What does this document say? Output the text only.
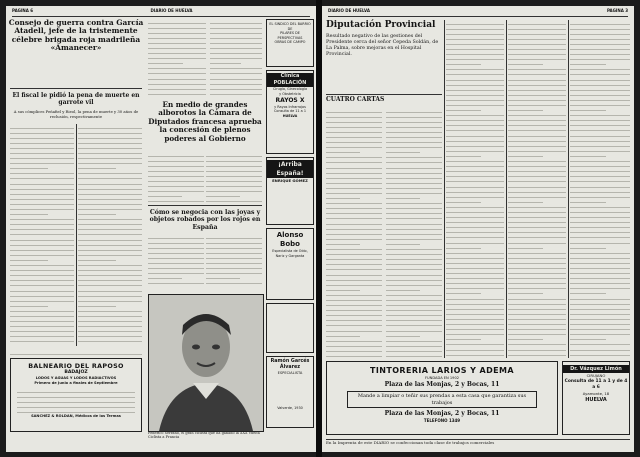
PAGINA 6	DIARIO DE HUELVA
Consejo de guerra contra García Atadell, jefe de la tristemente célebre brigada roja madrileña «Amanecer»
El fiscal le pidió la pena de muerte en garrote vil
A sus cómplices Peñafiel y Rieol, la pena de muerte y 30 años de reclusión, respectivamente
En medio de grandes alborotos la Cámara de Diputados francesa aprueba la concesión de plenos poderes al Gobierno
Cómo se negocia con las joyas y objetos robados por los rojos en España
Federico Serrano, el gran ciclista que ha ganado la XXX Vuelta Ciclista a Francia
EL SINDICO DEL BARRIO DE
PILARES DE
PERSPECTIVAS
OBRAS DE CAMPO
Clínica POBLACIÓN
Cirugía, Ginecología
y Obstetricia
RAYOS X
y Rayos Infrarrojos
Consulta de 11 a 1
HUELVA
¡Arriba España!
ENRIQUE GÓMEZ
Alonso Bobo
Especialista de Oído,
Nariz y Garganta
Ramón Garcés Álvarez
ESPECIALISTA
Valverde, 1930
BALNEARIO DEL RAPOSO
BADAJOZ
LODOS Y AGUAS Y LODOS RADIACTIVOS
Primero de Junio a finales de Septiembre
SANCHEZ & ROLDAN, Médicos de los Termas
DIARIO DE HUELVA	PAGINA 3
Diputación Provincial
Resultado negativo de las gestiones del Presidente cerca del señor Cepeda Soldán, de La Palma, sobre mejoras en el Hospital Provincial.
CUATRO CARTAS
TINTORERIA LARIOS Y ADEMA
FUNDADA EN 1902
Plaza de las Monjas, 2 y Bocas, 11
Mande a limpiar o teñir sus prendas a esta casa que garantiza sus trabajos
Plaza de las Monjas, 2 y Bocas, 11
TELEFONO 1349
Dr. Vázquez Limón
CIRUJANO
Consulta de 11 a 1 y de 4 a 6
Ayamonte, 18
HUELVA
En la Imprenta de este DIARIO se confeccionan toda clase de trabajos comerciales
